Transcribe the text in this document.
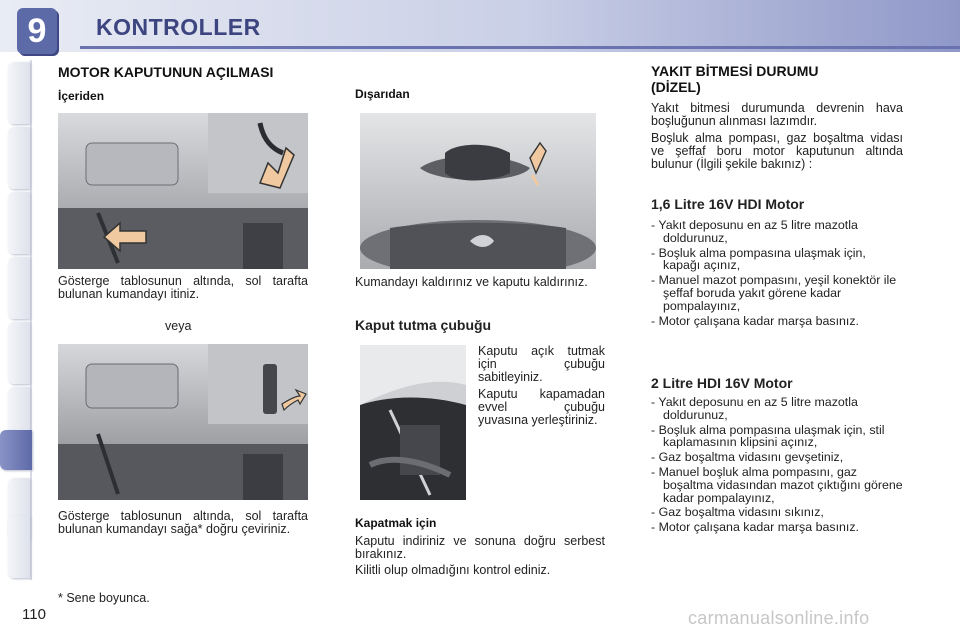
9	KONTROLLER
MOTOR KAPUTUNUN AÇILMASI
İçeriden
Gösterge tablosunun altında, sol tarafta bulunan kumandayı itiniz.
veya
Gösterge tablosunun altında, sol tarafta bulunan kumandayı sağa* doğru çeviriniz.
* Sene boyunca.
Dışarıdan
Kumandayı kaldırınız ve kaputu kaldırınız.
Kaput tutma çubuğu
Kaputu açık tutmak için çubuğu sabitleyiniz.
Kaputu kapamadan evvel çubuğu yuvasına yerleştiriniz.
Kapatmak için
Kaputu indiriniz ve sonuna doğru serbest bırakınız.
Kilitli olup olmadığını kontrol ediniz.
YAKIT BİTMESİ DURUMU (DİZEL)
Yakıt bitmesi durumunda devrenin hava boşluğunun alınması lazımdır.
Boşluk alma pompası, gaz boşaltma vidası ve şeffaf boru motor kaputunun altında bulunur (İlgili şekile bakınız) :
1,6 Litre 16V HDI Motor
- Yakıt deposunu en az 5 litre mazotla doldurunuz,
- Boşluk alma pompasına ulaşmak için, kapağı açınız,
- Manuel mazot pompasını, yeşil konektör ile şeffaf boruda yakıt görene kadar pompalayınız,
- Motor çalışana kadar marşa basınız.
2 Litre HDI 16V Motor
- Yakıt deposunu en az 5 litre mazotla doldurunuz,
- Boşluk alma pompasına ulaşmak için, stil kaplamasının klipsini açınız,
- Gaz boşaltma vidasını gevşetiniz,
- Manuel boşluk alma pompasını, gaz boşaltma vidasından mazot çıktığını görene kadar pompalayınız,
- Gaz boşaltma vidasını sıkınız,
- Motor çalışana kadar marşa basınız.
110	carmanualsonline.info
